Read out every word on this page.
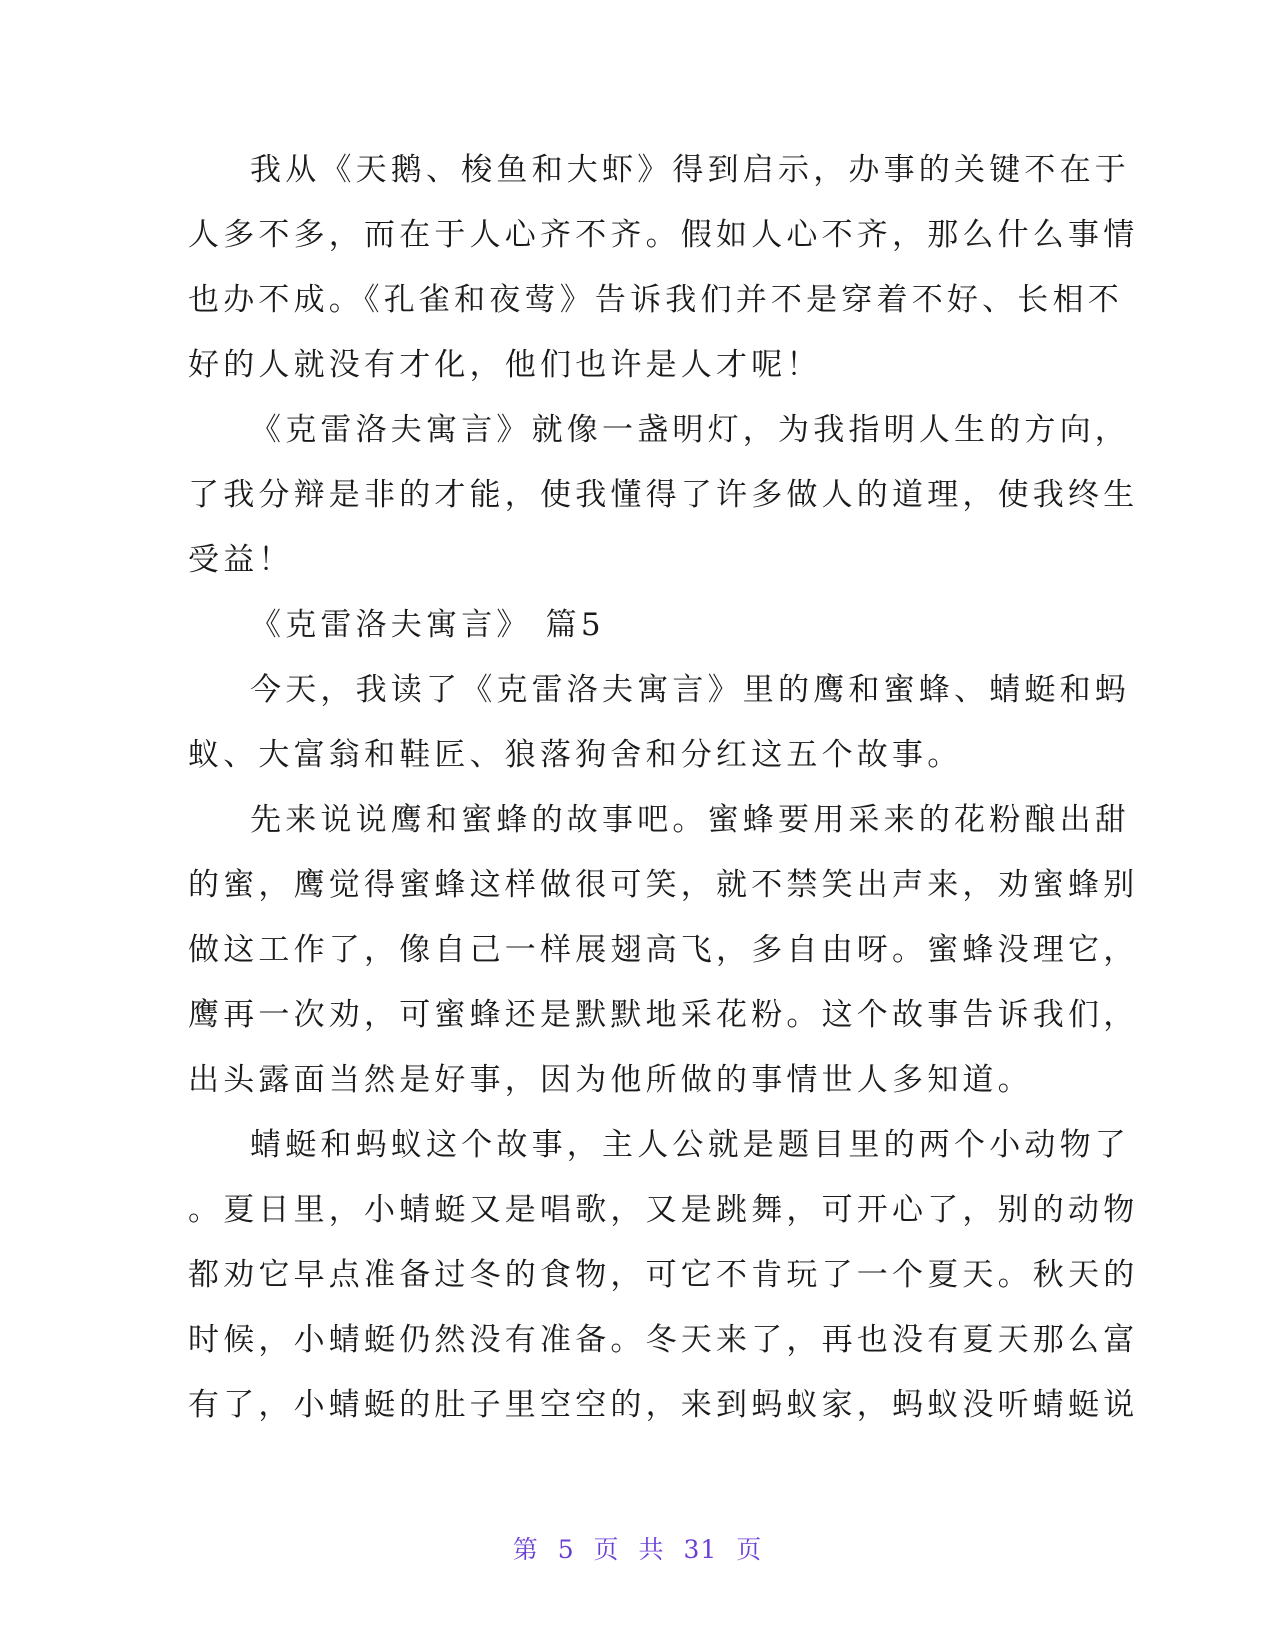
我从《天鹅、梭鱼和大虾》得到启示，办事的关键不在于
人多不多，而在于人心齐不齐。假如人心不齐，那么什么事情
也办不成。《孔雀和夜莺》告诉我们并不是穿着不好、长相不
好的人就没有才化，他们也许是人才呢！
《克雷洛夫寓言》就像一盏明灯，为我指明人生的方向，
了我分辩是非的才能，使我懂得了许多做人的道理，使我终生
受益！
《克雷洛夫寓言》 篇5
今天，我读了《克雷洛夫寓言》里的鹰和蜜蜂、蜻蜓和蚂
蚁、大富翁和鞋匠、狼落狗舍和分红这五个故事。
先来说说鹰和蜜蜂的故事吧。蜜蜂要用采来的花粉酿出甜
的蜜，鹰觉得蜜蜂这样做很可笑，就不禁笑出声来，劝蜜蜂别
做这工作了，像自己一样展翅高飞，多自由呀。蜜蜂没理它，
鹰再一次劝，可蜜蜂还是默默地采花粉。这个故事告诉我们，
出头露面当然是好事，因为他所做的事情世人多知道。
蜻蜓和蚂蚁这个故事，主人公就是题目里的两个小动物了
。夏日里，小蜻蜓又是唱歌，又是跳舞，可开心了，别的动物
都劝它早点准备过冬的食物，可它不肯玩了一个夏天。秋天的
时候，小蜻蜓仍然没有准备。冬天来了，再也没有夏天那么富
有了，小蜻蜓的肚子里空空的，来到蚂蚁家，蚂蚁没听蜻蜓说
第 5 页 共 31 页
